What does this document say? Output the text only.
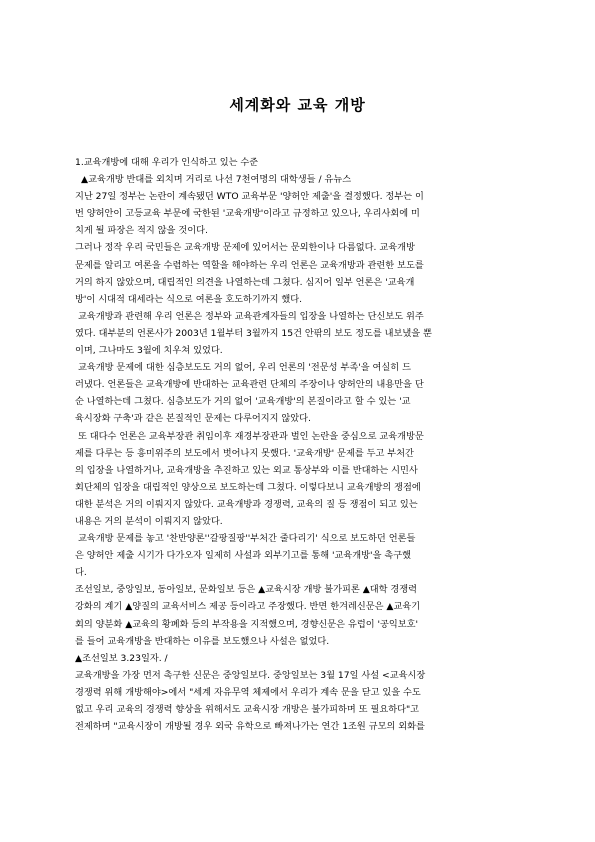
세계화와 교육 개방
1.교육개방에 대해 우리가 인식하고 있는 수준
▲교육개방 반대를 외치며 거리로 나선 7천여명의 대학생들 / 유뉴스
지난 27일 정부는 논란이 계속됐던 WTO 교육부문 '양허안 제출'을 결정했다. 정부는 이
번 양허안이 고등교육 부문에 국한된 '교육개방'이라고 규정하고 있으나, 우리사회에 미
치게 될 파장은 적지 않을 것이다.
그러나 정작 우리 국민들은 교육개방 문제에 있어서는 문외한이나 다름없다. 교육개방
문제를 알리고 여론을 수렴하는 역할을 해야하는 우리 언론은 교육개방과 관련한 보도를
거의 하지 않았으며, 대립적인 의견을 나열하는데 그쳤다. 심지어 일부 언론은 '교육개
방'이 시대적 대세라는 식으로 여론을 호도하기까지 했다.
교육개방과 관련해 우리 언론은 정부와 교육관계자들의 입장을 나열하는 단신보도 위주
였다. 대부분의 언론사가 2003년 1월부터 3월까지 15건 안팎의 보도 정도를 내보냈을 뿐
이며, 그나마도 3월에 치우쳐 있었다.
교육개방 문제에 대한 심층보도도 거의 없어, 우리 언론의 '전문성 부족'을 여실히 드
러냈다. 언론들은 교육개방에 반대하는 교육관련 단체의 주장이나 양허안의 내용만을 단
순 나열하는데 그쳤다. 심층보도가 거의 없어 '교육개방'의 본질이라고 할 수 있는 '교
육시장화 구축'과 같은 본질적인 문제는 다루어지지 않았다.
또 대다수 언론은 교육부장관 취임이후 재경부장관과 벌인 논란을 중심으로 교육개방문
제를 다루는 등 흥미위주의 보도에서 벗어나지 못했다. '교육개방' 문제를 두고 부처간
의 입장을 나열하거나, 교육개방을 추진하고 있는 외교 통상부와 이를 반대하는 시민사
회단체의 입장을 대립적인 양상으로 보도하는데 그쳤다. 이렇다보니 교육개방의 쟁점에
대한 분석은 거의 이뤄지지 않았다. 교육개방과 경쟁력, 교육의 질 등 쟁점이 되고 있는
내용은 거의 분석이 이뤄지지 않았다.
교육개방 문제를 놓고 '찬반양론''갈팡질팡''부처간 줄다리기' 식으로 보도하던 언론들
은 양허안 제출 시기가 다가오자 일제히 사설과 외부기고를 통해 '교육개방'을 촉구했
다.
조선일보, 중앙일보, 동아일보, 문화일보 등은 ▲교육시장 개방 불가피론 ▲대학 경쟁력
강화의 계기 ▲양질의 교육서비스 제공 등이라고 주장했다. 반면 한겨레신문은 ▲교육기
회의 양분화 ▲교육의 황폐화 등의 부작용을 지적했으며, 경향신문은 유럽이 '공익보호'
를 들어 교육개방을 반대하는 이유를 보도했으나 사설은 없었다.
▲조선일보 3.23일자. /
교육개방을 가장 먼저 촉구한 신문은 중앙일보다. 중앙일보는 3월 17일 사설 <교육시장
경쟁력 위해 개방해야>에서 "세계 자유무역 체제에서 우리가 계속 문을 닫고 있을 수도
없고 우리 교육의 경쟁력 향상을 위해서도 교육시장 개방은 불가피하며 또 필요하다"고
전제하며 "교육시장이 개방될 경우 외국 유학으로 빠져나가는 연간 1조원 규모의 외화를
